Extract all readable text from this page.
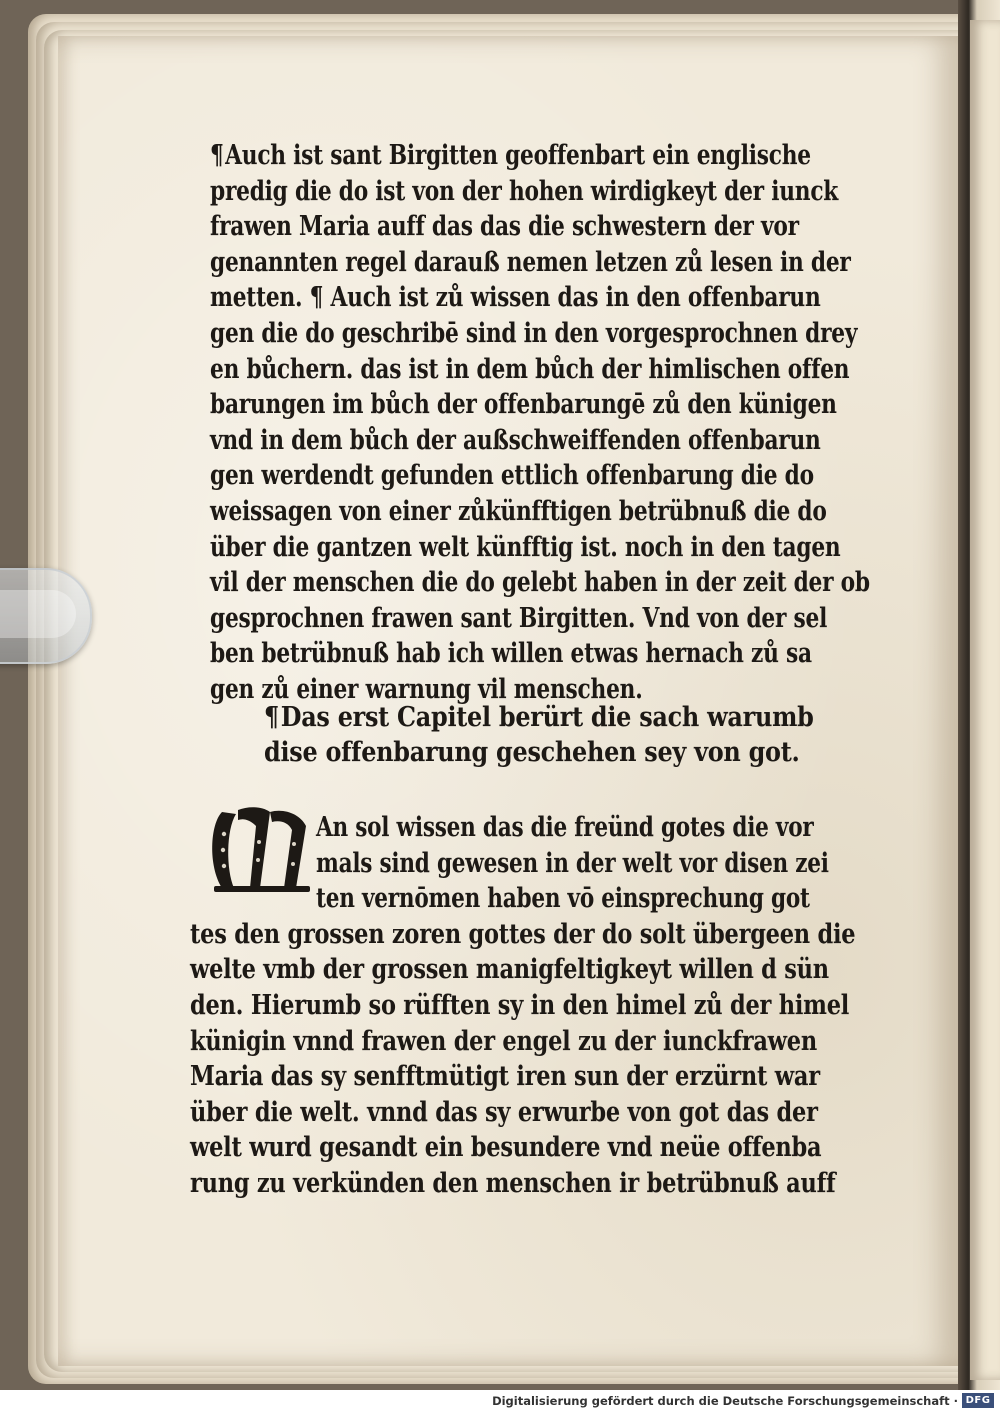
¶Auch ist sant Birgitten geoffenbart ein englische
predig die do ist von der hohen wirdigkeyt der iunck
frawen Maria auff das das die schwestern der vor
genannten regel darauß nemen letzen zů lesen in der
metten. ¶ Auch ist zů wissen das in den offenbarun
gen die do geschribē sind in den vorgesprochnen drey
en bůchern. das ist in dem bůch der himlischen offen
barungen im bůch der offenbarungē zů den künigen
vnd in dem bůch der außschweiffenden offenbarun
gen werdendt gefunden ettlich offenbarung die do
weissagen von einer zůkünfftigen betrübnuß die do
über die gantzen welt künfftig ist. noch in den tagen
vil der menschen die do gelebt haben in der zeit der ob
gesprochnen frawen sant Birgitten. Vnd von der sel
ben betrübnuß hab ich willen etwas hernach zů sa
gen zů einer warnung vil menschen.
¶Das erst Capitel berürt die sach warumb
dise offenbarung geschehen sey von got.
An sol wissen das die freünd gotes die vor
mals sind gewesen in der welt vor disen zei
ten vernōmen haben vō einsprechung got
tes den grossen zoren gottes der do solt übergeen die
welte vmb der grossen manigfeltigkeyt willen d sün
den. Hierumb so rüfften sy in den himel zů der himel
künigin vnnd frawen der engel zu der iunckfrawen
Maria das sy senfftmütigt iren sun der erzürnt war
über die welt. vnnd das sy erwurbe von got das der
welt wurd gesandt ein besundere vnd neüe offenba
rung zu verkünden den menschen ir betrübnuß auff
Digitalisierung gefördert durch die Deutsche Forschungsgemeinschaft · DFG
